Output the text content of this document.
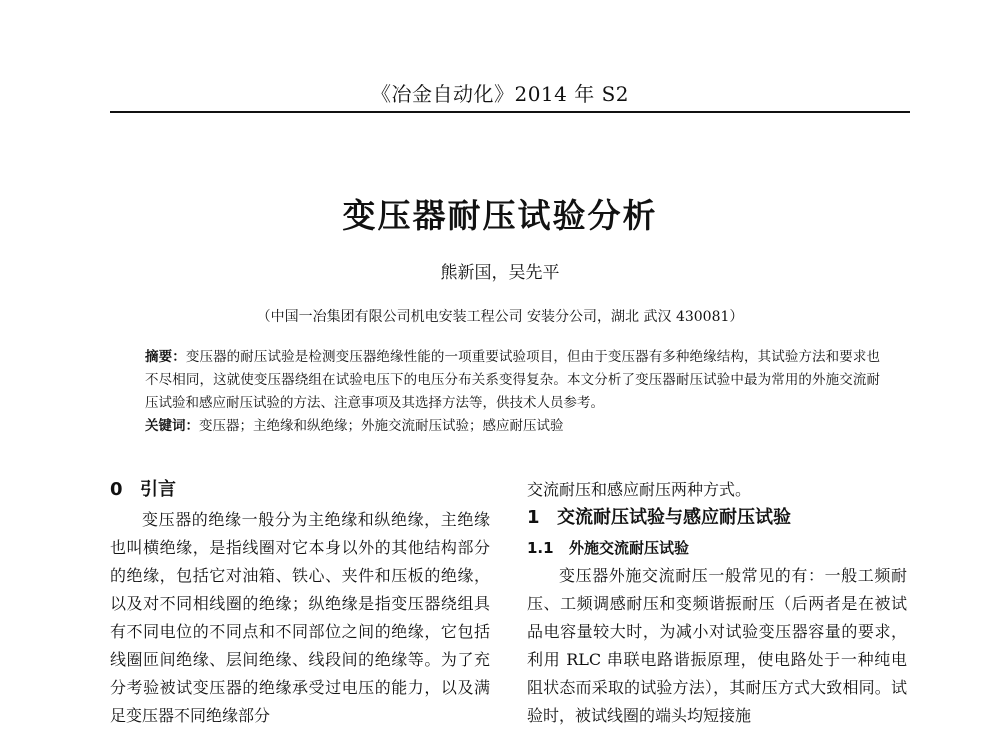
《冶金自动化》2014 年 S2
变压器耐压试验分析
熊新国，吴先平
（中国一冶集团有限公司机电安装工程公司 安装分公司，湖北 武汉 430081）
摘要：变压器的耐压试验是检测变压器绝缘性能的一项重要试验项目，但由于变压器有多种绝缘结构，其试验方法和要求也不尽相同，这就使变压器绕组在试验电压下的电压分布关系变得复杂。本文分析了变压器耐压试验中最为常用的外施交流耐压试验和感应耐压试验的方法、注意事项及其选择方法等，供技术人员参考。
关键词：变压器；主绝缘和纵绝缘；外施交流耐压试验；感应耐压试验
0 引言
变压器的绝缘一般分为主绝缘和纵绝缘，主绝缘也叫横绝缘，是指线圈对它本身以外的其他结构部分的绝缘，包括它对油箱、铁心、夹件和压板的绝缘，以及对不同相线圈的绝缘；纵绝缘是指变压器绕组具有不同电位的不同点和不同部位之间的绝缘，它包括线圈匝间绝缘、层间绝缘、线段间的绝缘等。为了充分考验被试变压器的绝缘承受过电压的能力，以及满足变压器不同绝缘部分
交流耐压和感应耐压两种方式。
1 交流耐压试验与感应耐压试验
1.1 外施交流耐压试验
变压器外施交流耐压一般常见的有：一般工频耐压、工频调感耐压和变频谐振耐压（后两者是在被试品电容量较大时，为减小对试验变压器容量的要求，利用 RLC 串联电路谐振原理，使电路处于一种纯电阻状态而采取的试验方法），其耐压方式大致相同。试验时，被试线圈的端头均短接施
